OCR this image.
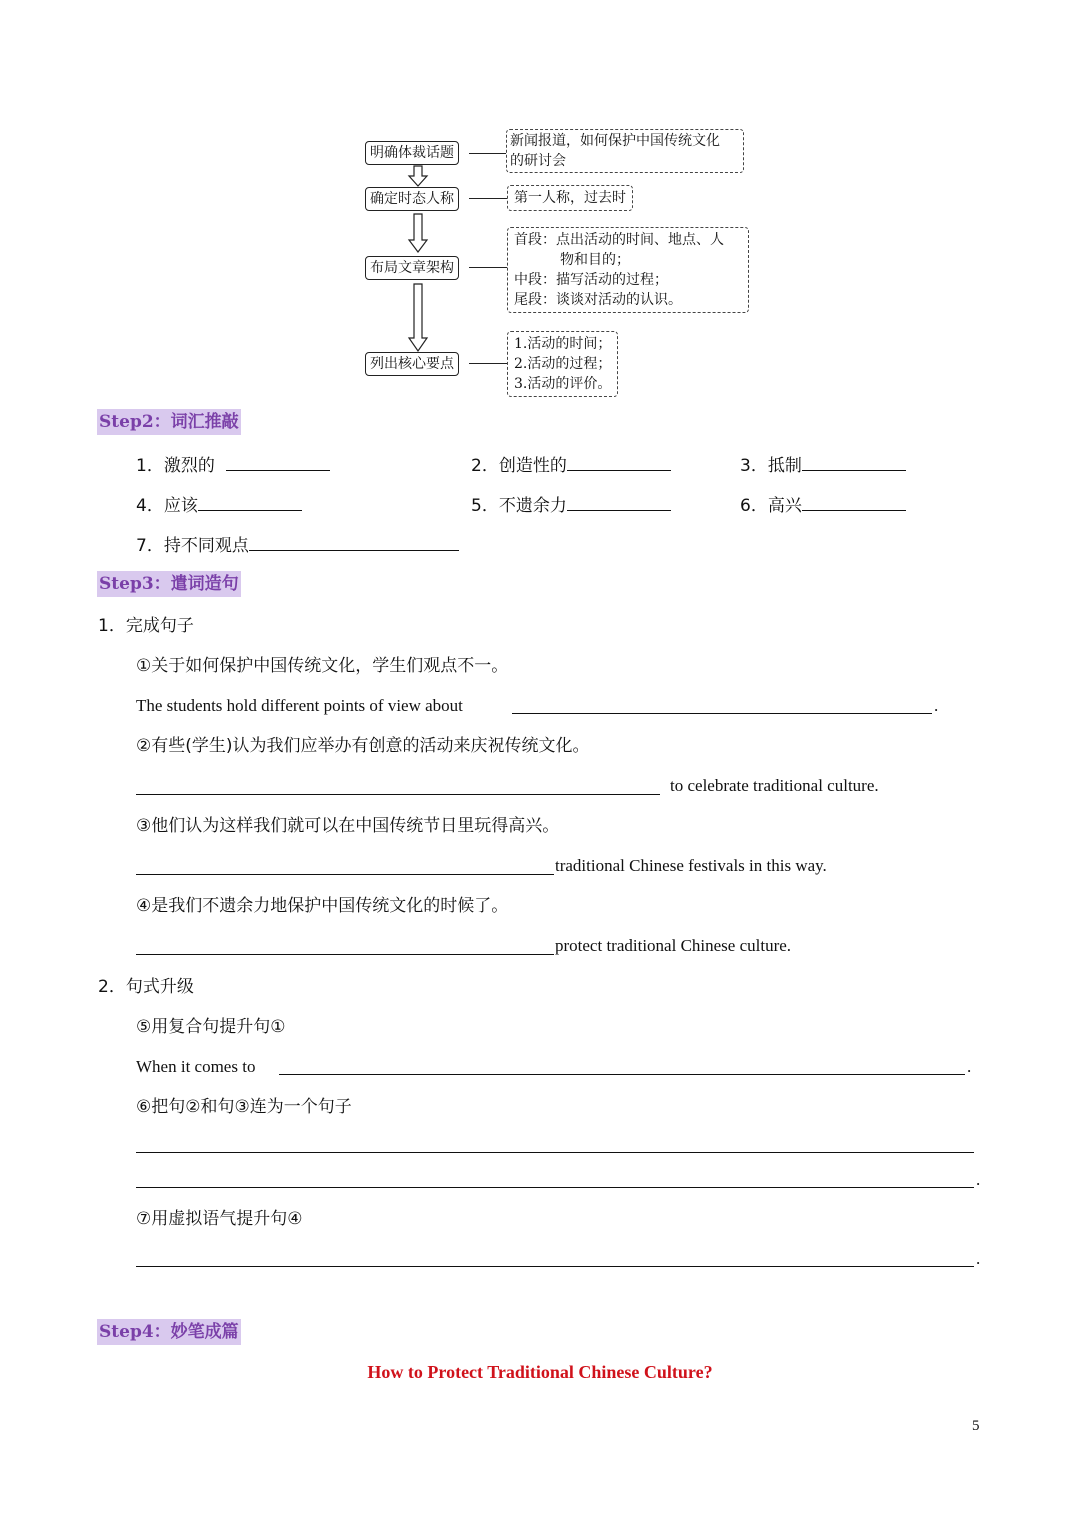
明确体裁话题
确定时态人称
布局文章架构
列出核心要点
新闻报道，如何保护中国传统文化
的研讨会
第一人称，过去时
首段：点出活动的时间、地点、人
物和目的；
中段：描写活动的过程；
尾段：谈谈对活动的认识。
1.活动的时间；
2.活动的过程；
3.活动的评价。
Step2：词汇推敲
1．激烈的	2．创造性的	3．抵制
4．应该	5．不遗余力	6．高兴
7．持不同观点
Step3：遣词造句
1．完成句子
①关于如何保护中国传统文化，学生们观点不一。
The students hold different points of view about	.
②有些(学生)认为我们应举办有创意的活动来庆祝传统文化。
to celebrate traditional culture.
③他们认为这样我们就可以在中国传统节日里玩得高兴。
traditional Chinese festivals in this way.
④是我们不遗余力地保护中国传统文化的时候了。
protect traditional Chinese culture.
2．句式升级
⑤用复合句提升句①
When it comes to	.
⑥把句②和句③连为一个句子
.
⑦用虚拟语气提升句④
.
Step4：妙笔成篇
How to Protect Traditional Chinese Culture?
5
